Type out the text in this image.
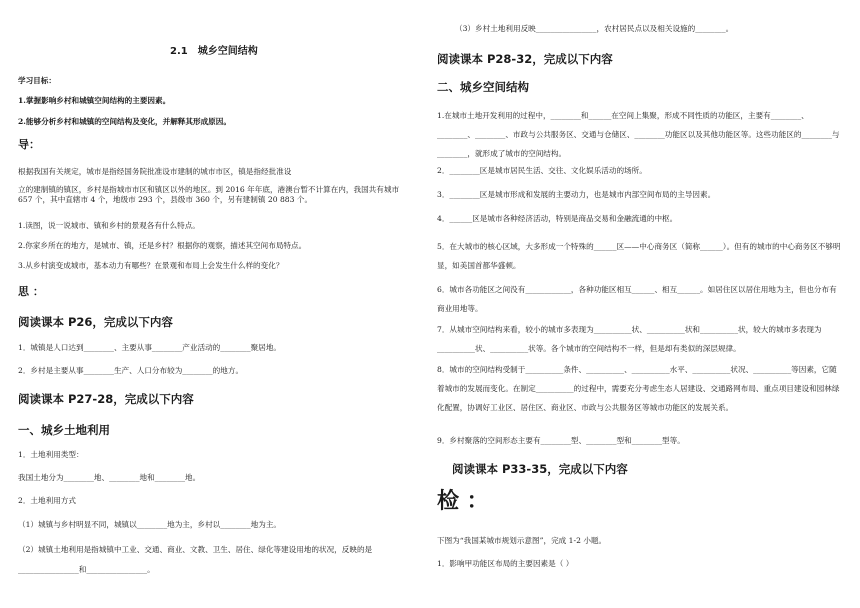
2.1　城乡空间结构
学习目标：
1.掌握影响乡村和城镇空间结构的主要因素。
2.能够分析乡村和城镇的空间结构及变化，并解释其形成原因。
导：
根据我国有关规定，城市是指经国务院批准设市建制的城市市区，镇是指经批准设
立的建制镇的镇区，乡村是指城市市区和镇区以外的地区。到 2016 年年底，港澳台暂不计算在内，我国共有城市 657 个，其中直辖市 4 个，地级市 293 个，县级市 360 个，另有建制镇 20 883 个。
1.读图，说一说城市、镇和乡村的景观各有什么特点。
2.你家乡所在的地方，是城市、镇，还是乡村？根据你的观察，描述其空间布局特点。
3.从乡村演变成城市，基本动力有哪些？在景观和布局上会发生什么样的变化？
思 ：
阅读课本 P26，完成以下内容
1．城镇是人口达到________、主要从事________产业活动的________聚居地。
2．乡村是主要从事________生产、人口分布较为________的地方。
阅读课本 P27-28，完成以下内容
一、城乡土地利用
1．土地利用类型：
我国土地分为________地、________地和________地。
2．土地利用方式
（1）城镇与乡村明显不同，城镇以________地为主，乡村以________地为主。
（2）城镇土地利用是指城镇中工业、交通、商业、文教、卫生、居住、绿化等建设用地的状况，反映的是
________________和________________。
（3）乡村土地利用反映________________，农村居民点以及相关设施的________。
阅读课本 P28-32，完成以下内容
二、城乡空间结构
1.在城市土地开发利用的过程中，________和______在空间上集聚，形成不同性质的功能区，主要有________、________、________、市政与公共服务区、交通与仓储区、________功能区以及其他功能区等。这些功能区的________与________，就形成了城市的空间结构。
2．________区是城市居民生活、交往、文化娱乐活动的场所。
3．________区是城市形成和发展的主要动力，也是城市内部空间布局的主导因素。
4．______区是城市各种经济活动，特别是商品交易和金融流通的中枢。
5．在大城市的核心区域，大多形成一个特殊的______区——中心商务区（简称______）。但有的城市的中心商务区不够明显，如美国首都华盛顿。
6．城市各功能区之间没有____________，各种功能区相互______、相互______。如居住区以居住用地为主，但也分布有商业用地等。
7．从城市空间结构来看，较小的城市多表现为__________状、__________状和__________状，较大的城市多表现为__________状、__________状等。各个城市的空间结构不一样，但是却有类似的深层规律。
8．城市的空间结构受制于__________条件、__________、__________水平、__________状况、__________等因素，它随着城市的发展而变化。在制定__________的过程中，需要充分考虑生态人居建设、交通路网布局、重点项目建设和园林绿化配置，协调好工业区、居住区、商业区、市政与公共服务区等城市功能区的发展关系。
9．乡村聚落的空间形态主要有________型、________型和________型等。
阅读课本 P33-35，完成以下内容
检 ：
下图为“我国某城市规划示意图”，完成 1-2 小题。
1．影响甲功能区布局的主要因素是（ ）
